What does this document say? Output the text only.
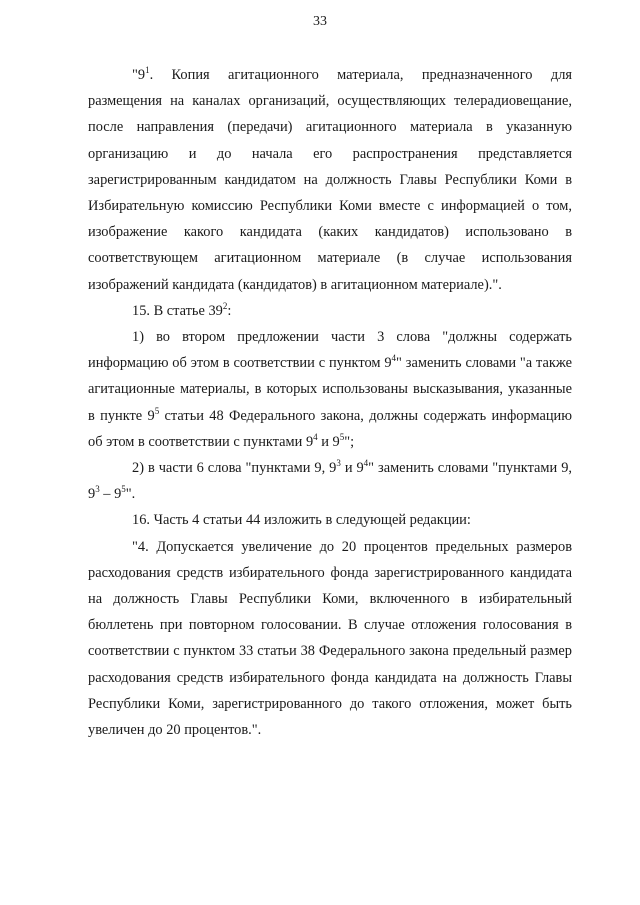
33

"$9^1$. Копия агитационного материала, предназначенного для размещения на каналах организаций, осуществляющих телерадиовещание, после направления (передачи) агитационного материала в указанную организацию и до начала его распространения представляется зарегистрированным кандидатом на должность Главы Республики Коми в Избирательную комиссию Республики Коми вместе с информацией о том, изображение какого кандидата (каких кандидатов) использовано в соответствующем агитационном материале (в случае использования изображений кандидата (кандидатов) в агитационном материале).".

15. В статье $39^2$:

1) во втором предложении части 3 слова "должны содержать информацию об этом в соответствии с пунктом $9^4$" заменить словами "а также агитационные материалы, в которых использованы высказывания, указанные в пункте $9^5$ статьи 48 Федерального закона, должны содержать информацию об этом в соответствии с пунктами $9^4$ и $9^5$";

2) в части 6 слова "пунктами 9, $9^3$ и $9^4$" заменить словами "пунктами 9, $9^3 - 9^5$".

16. Часть 4 статьи 44 изложить в следующей редакции:

"4. Допускается увеличение до 20 процентов предельных размеров расходования средств избирательного фонда зарегистрированного кандидата на должность Главы Республики Коми, включенного в избирательный бюллетень при повторном голосовании. В случае отложения голосования в соответствии с пунктом 33 статьи 38 Федерального закона предельный размер расходования средств избирательного фонда кандидата на должность Главы Республики Коми, зарегистрированного до такого отложения, может быть увеличен до 20 процентов.".
